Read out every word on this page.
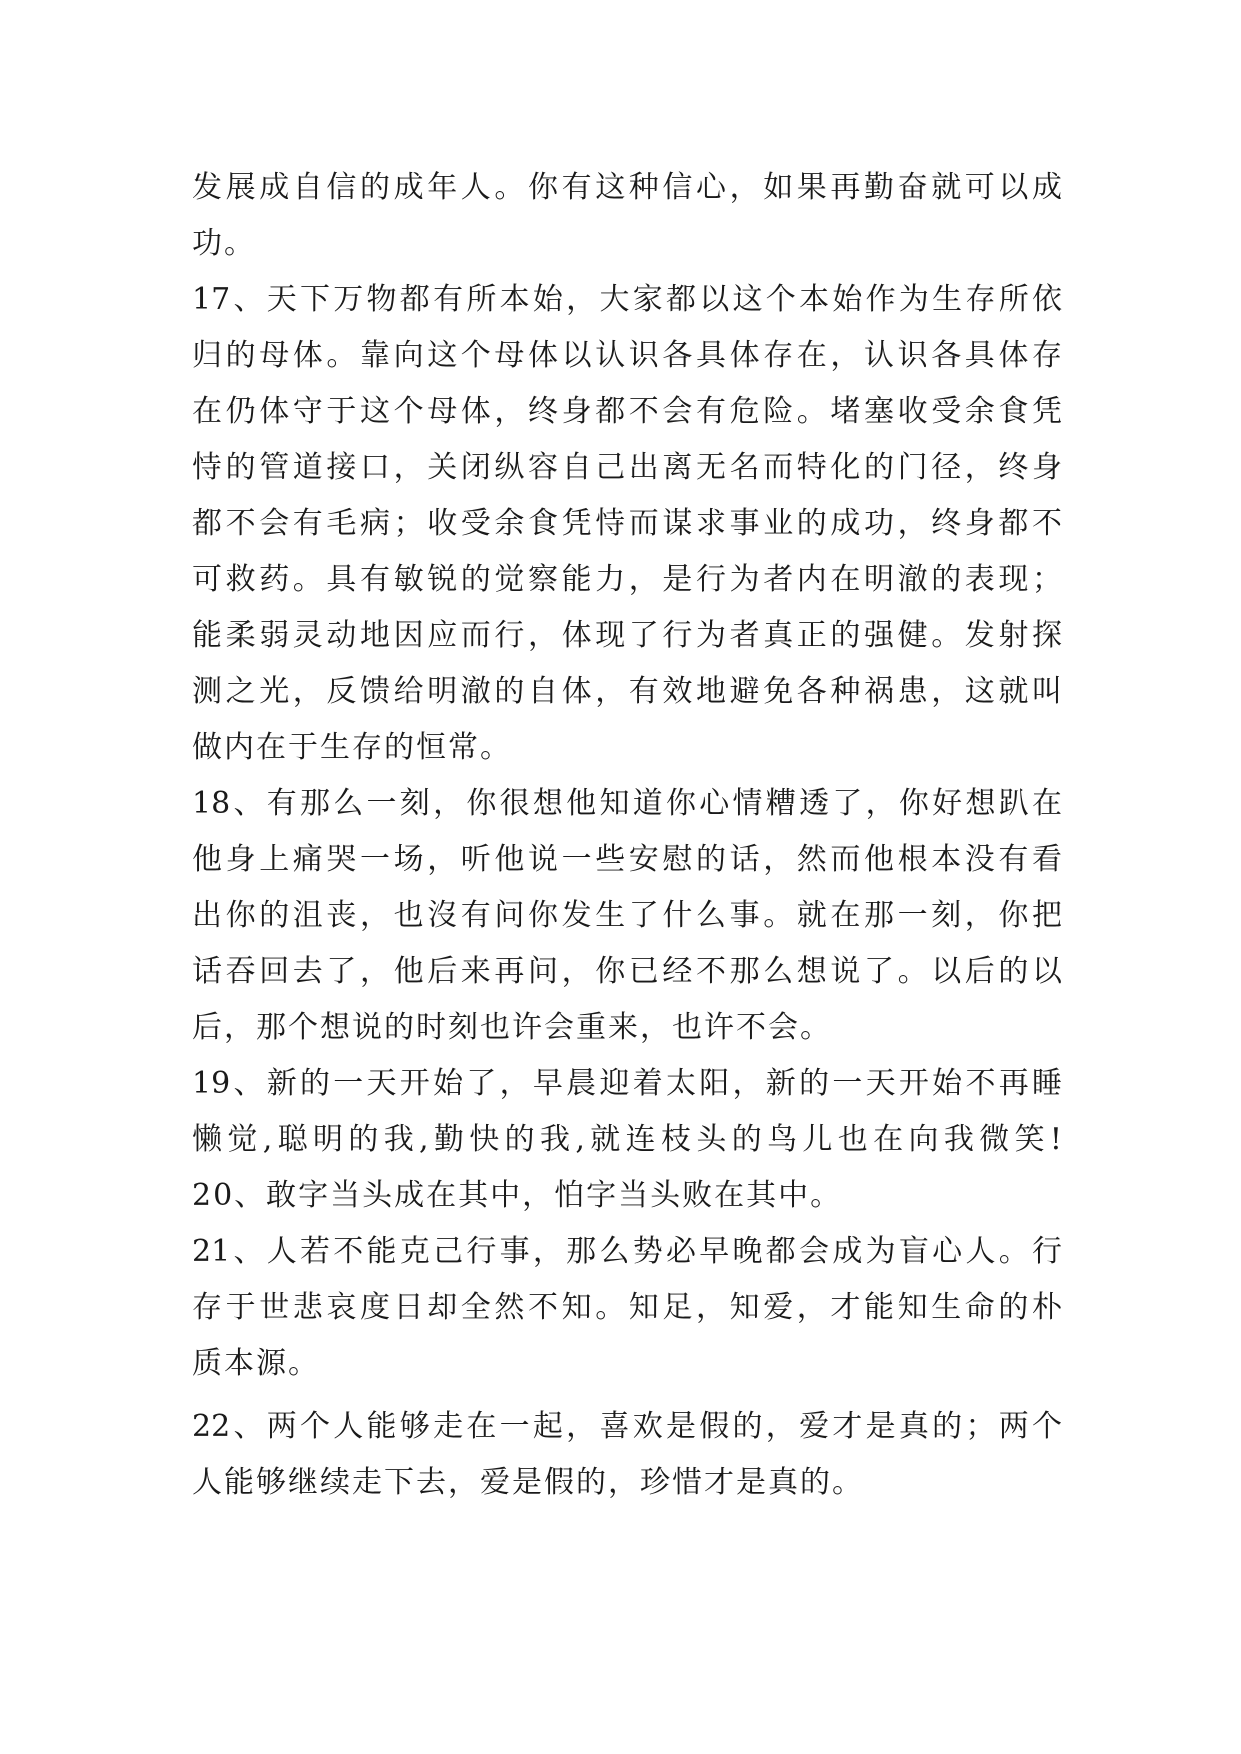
发展成自信的成年人。你有这种信心，如果再勤奋就可以成
功。
17、天下万物都有所本始，大家都以这个本始作为生存所依
归的母体。靠向这个母体以认识各具体存在，认识各具体存
在仍体守于这个母体，终身都不会有危险。堵塞收受余食凭
恃的管道接口，关闭纵容自己出离无名而特化的门径，终身
都不会有毛病；收受余食凭恃而谋求事业的成功，终身都不
可救药。具有敏锐的觉察能力，是行为者内在明澈的表现；
能柔弱灵动地因应而行，体现了行为者真正的强健。发射探
测之光，反馈给明澈的自体，有效地避免各种祸患，这就叫
做内在于生存的恒常。
18、有那么一刻，你很想他知道你心情糟透了，你好想趴在
他身上痛哭一场，听他说一些安慰的话，然而他根本没有看
出你的沮丧，也沒有问你发生了什么事。就在那一刻，你把
话吞回去了，他后来再问，你已经不那么想说了。以后的以
后，那个想说的时刻也许会重来，也许不会。
19、新的一天开始了，早晨迎着太阳，新的一天开始不再睡
懒觉,聪明的我,勤快的我,就连枝头的鸟儿也在向我微笑!
20、敢字当头成在其中，怕字当头败在其中。
21、人若不能克己行事，那么势必早晚都会成为盲心人。行
存于世悲哀度日却全然不知。知足，知爱，才能知生命的朴
质本源。
22、两个人能够走在一起，喜欢是假的，爱才是真的；两个
人能够继续走下去，爱是假的，珍惜才是真的。
